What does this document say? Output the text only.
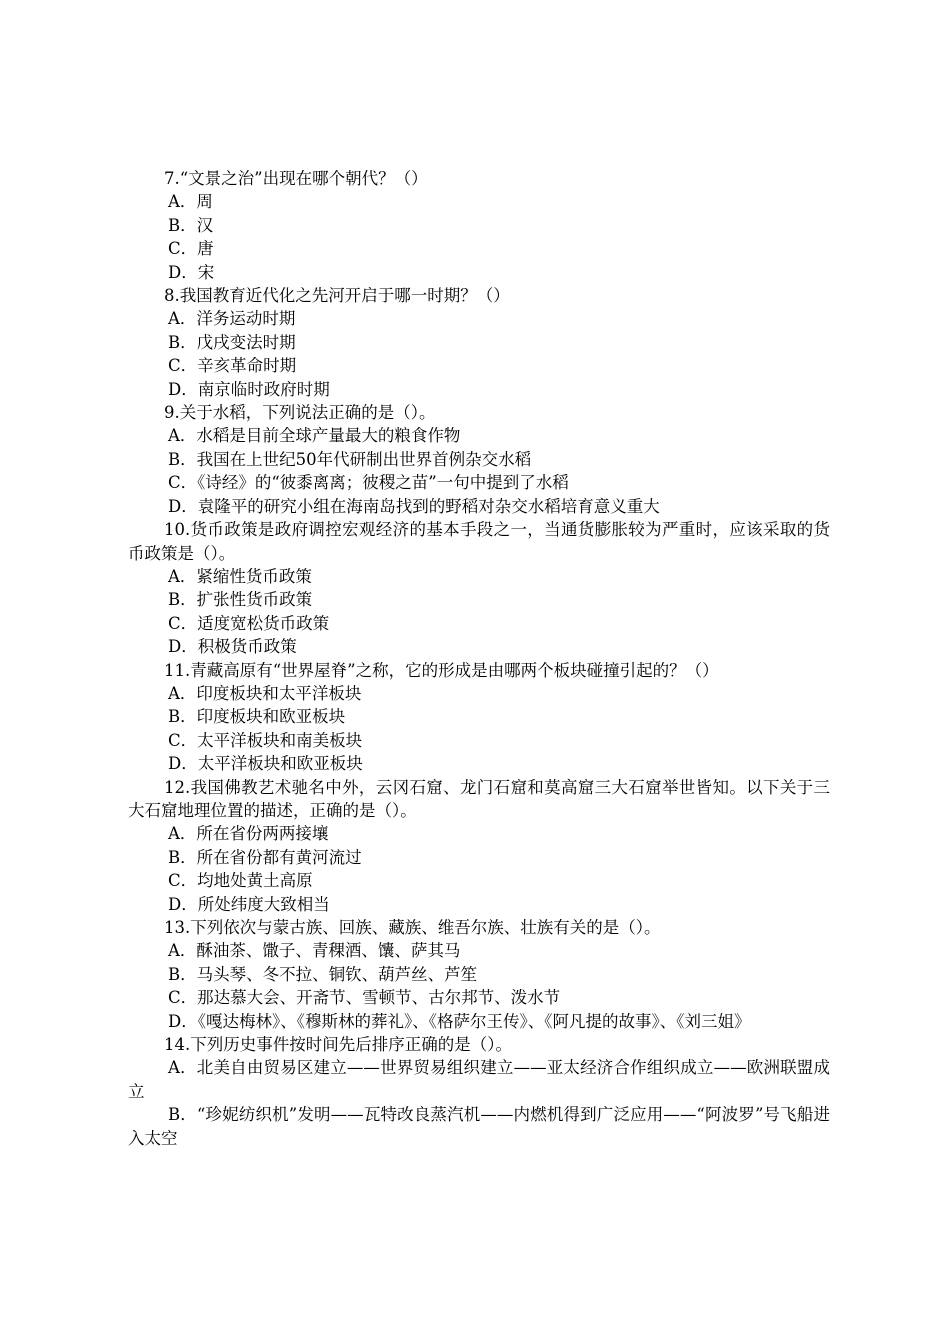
7.“文景之治”出现在哪个朝代？（）
A．周
B．汉
C．唐
D．宋
8.我国教育近代化之先河开启于哪一时期？（）
A．洋务运动时期
B．戊戌变法时期
C．辛亥革命时期
D．南京临时政府时期
9.关于水稻，下列说法正确的是（）。
A．水稻是目前全球产量最大的粮食作物
B．我国在上世纪50年代研制出世界首例杂交水稻
C．《诗经》的“彼黍离离；彼稷之苗”一句中提到了水稻
D．袁隆平的研究小组在海南岛找到的野稻对杂交水稻培育意义重大
10.货币政策是政府调控宏观经济的基本手段之一，当通货膨胀较为严重时，应该采取的货币政策是（）。
A．紧缩性货币政策
B．扩张性货币政策
C．适度宽松货币政策
D．积极货币政策
11.青藏高原有“世界屋脊”之称，它的形成是由哪两个板块碰撞引起的？（）
A．印度板块和太平洋板块
B．印度板块和欧亚板块
C．太平洋板块和南美板块
D．太平洋板块和欧亚板块
12.我国佛教艺术驰名中外，云冈石窟、龙门石窟和莫高窟三大石窟举世皆知。以下关于三大石窟地理位置的描述，正确的是（）。
A．所在省份两两接壤
B．所在省份都有黄河流过
C．均地处黄土高原
D．所处纬度大致相当
13.下列依次与蒙古族、回族、藏族、维吾尔族、壮族有关的是（）。
A．酥油茶、馓子、青稞酒、馕、萨其马
B．马头琴、冬不拉、铜钦、葫芦丝、芦笙
C．那达慕大会、开斋节、雪顿节、古尔邦节、泼水节
D．《嘎达梅林》、《穆斯林的葬礼》、《格萨尔王传》、《阿凡提的故事》、《刘三姐》
14.下列历史事件按时间先后排序正确的是（）。
A．北美自由贸易区建立——世界贸易组织建立——亚太经济合作组织成立——欧洲联盟成立
B．“珍妮纺织机”发明——瓦特改良蒸汽机——内燃机得到广泛应用——“阿波罗”号飞船进入太空
